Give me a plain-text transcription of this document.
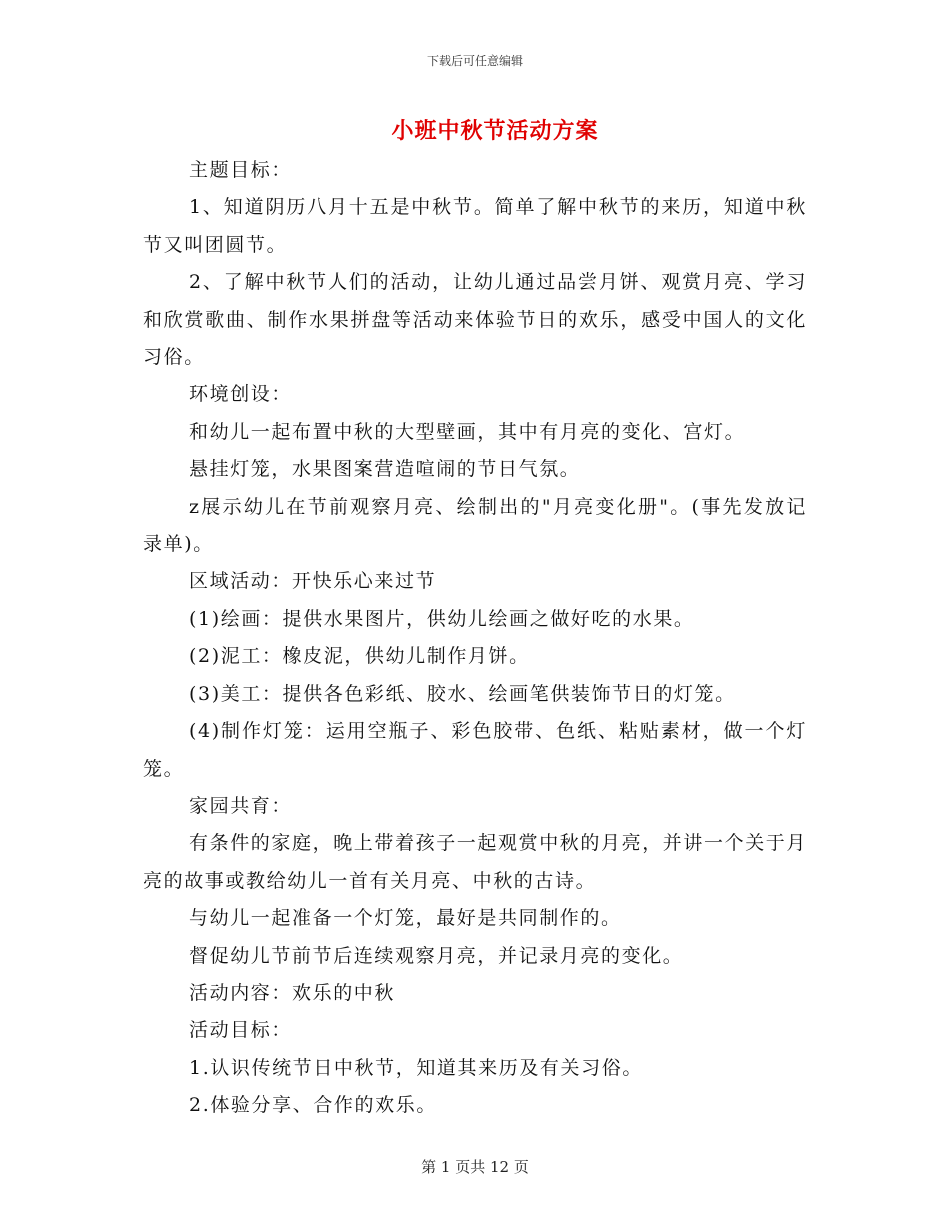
下载后可任意编辑
小班中秋节活动方案

主题目标：

1、知道阴历八月十五是中秋节。简单了解中秋节的来历，知道中秋节又叫团圆节。

2、了解中秋节人们的活动，让幼儿通过品尝月饼、观赏月亮、学习和欣赏歌曲、制作水果拼盘等活动来体验节日的欢乐，感受中国人的文化习俗。

环境创设：

和幼儿一起布置中秋的大型壁画，其中有月亮的变化、宫灯。

悬挂灯笼，水果图案营造喧闹的节日气氛。

z展示幼儿在节前观察月亮、绘制出的"月亮变化册"。(事先发放记录单)。

区域活动：开快乐心来过节

(1)绘画：提供水果图片，供幼儿绘画之做好吃的水果。

(2)泥工：橡皮泥，供幼儿制作月饼。

(3)美工：提供各色彩纸、胶水、绘画笔供装饰节日的灯笼。

(4)制作灯笼：运用空瓶子、彩色胶带、色纸、粘贴素材，做一个灯笼。

家园共育：

有条件的家庭，晚上带着孩子一起观赏中秋的月亮，并讲一个关于月亮的故事或教给幼儿一首有关月亮、中秋的古诗。

与幼儿一起准备一个灯笼，最好是共同制作的。

督促幼儿节前节后连续观察月亮，并记录月亮的变化。

活动内容：欢乐的中秋

活动目标：

1.认识传统节日中秋节，知道其来历及有关习俗。

2.体验分享、合作的欢乐。

第 1 页共 12 页
